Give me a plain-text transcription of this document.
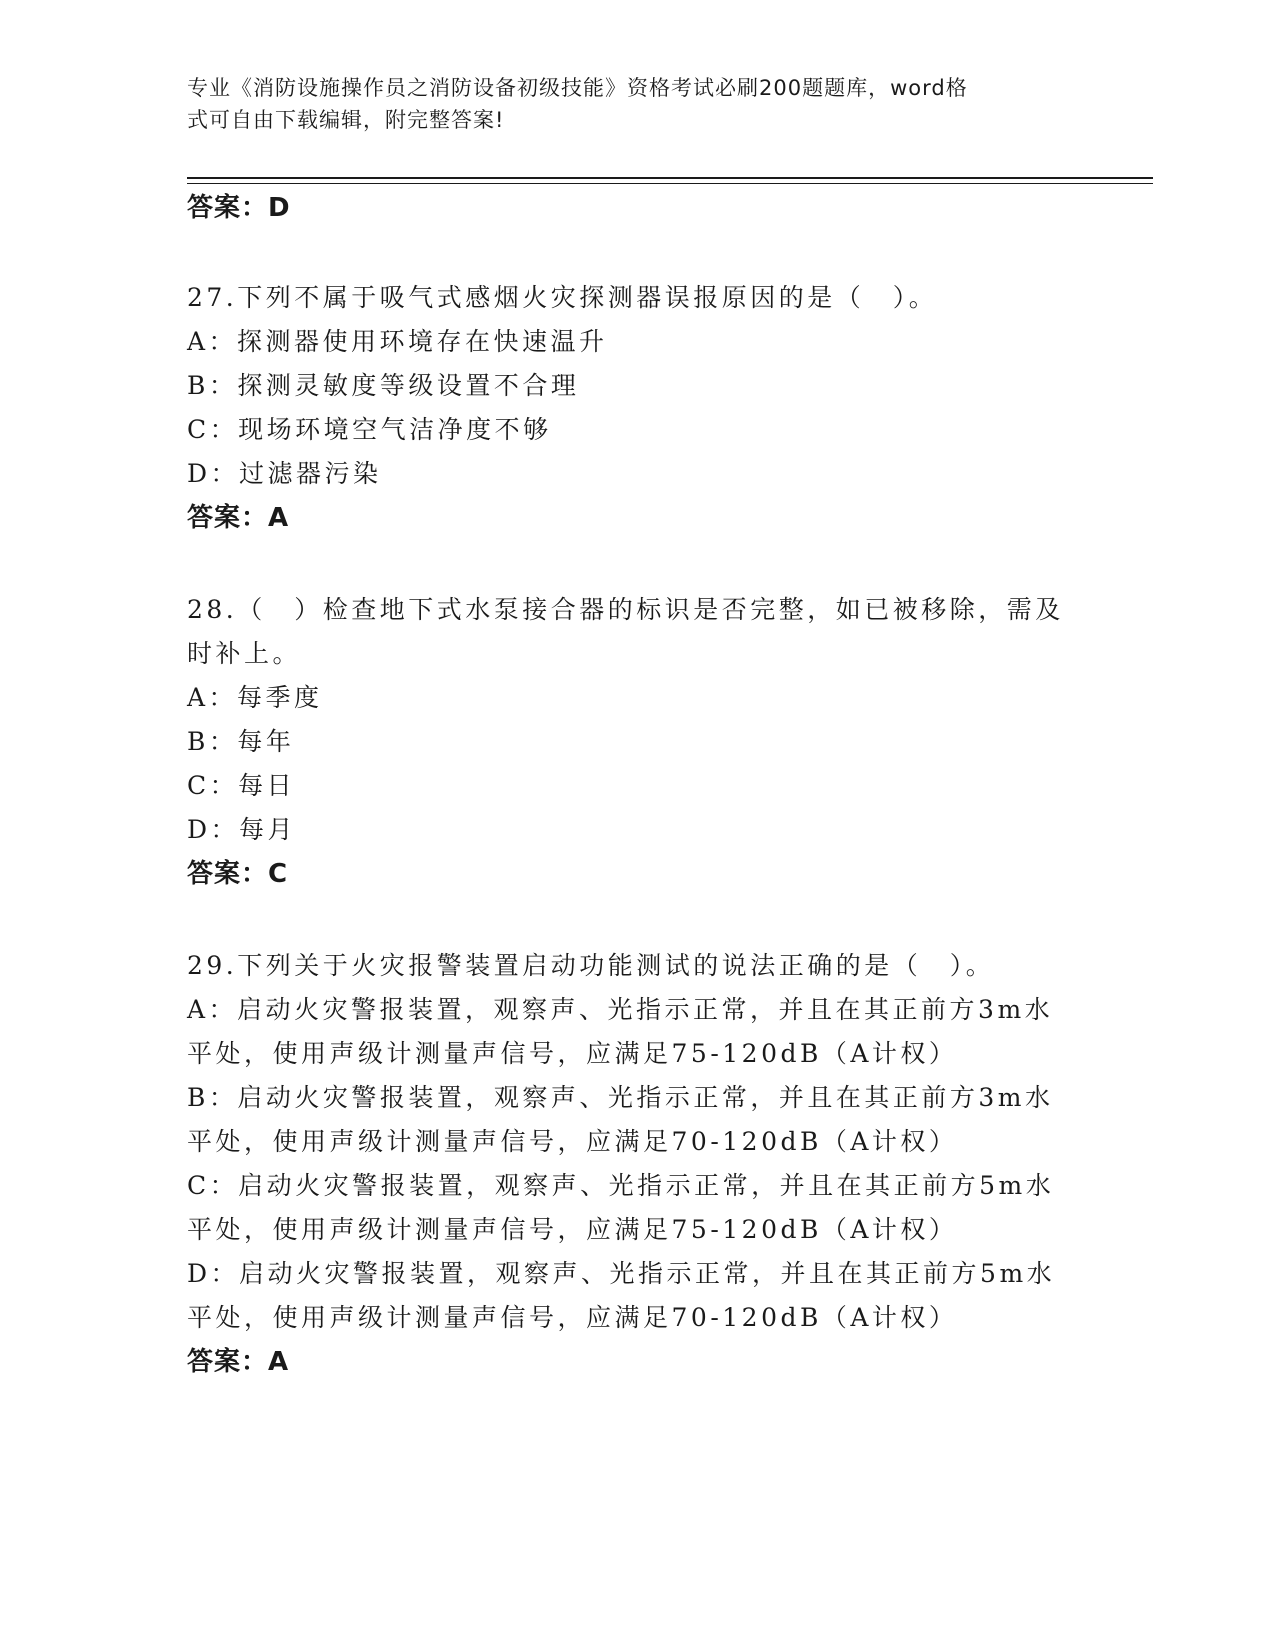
专业《消防设施操作员之消防设备初级技能》资格考试必刷200题题库，word格
式可自由下载编辑，附完整答案!
答案：D
27.下列不属于吸气式感烟火灾探测器误报原因的是（　）。
A：探测器使用环境存在快速温升
B：探测灵敏度等级设置不合理
C：现场环境空气洁净度不够
D：过滤器污染
答案：A
28.（　）检查地下式水泵接合器的标识是否完整，如已被移除，需及
时补上。
A：每季度
B：每年
C：每日
D：每月
答案：C
29.下列关于火灾报警装置启动功能测试的说法正确的是（　）。
A：启动火灾警报装置，观察声、光指示正常，并且在其正前方3m水
平处，使用声级计测量声信号，应满足75-120dB（A计权）
B：启动火灾警报装置，观察声、光指示正常，并且在其正前方3m水
平处，使用声级计测量声信号，应满足70-120dB（A计权）
C：启动火灾警报装置，观察声、光指示正常，并且在其正前方5m水
平处，使用声级计测量声信号，应满足75-120dB（A计权）
D：启动火灾警报装置，观察声、光指示正常，并且在其正前方5m水
平处，使用声级计测量声信号，应满足70-120dB（A计权）
答案：A
